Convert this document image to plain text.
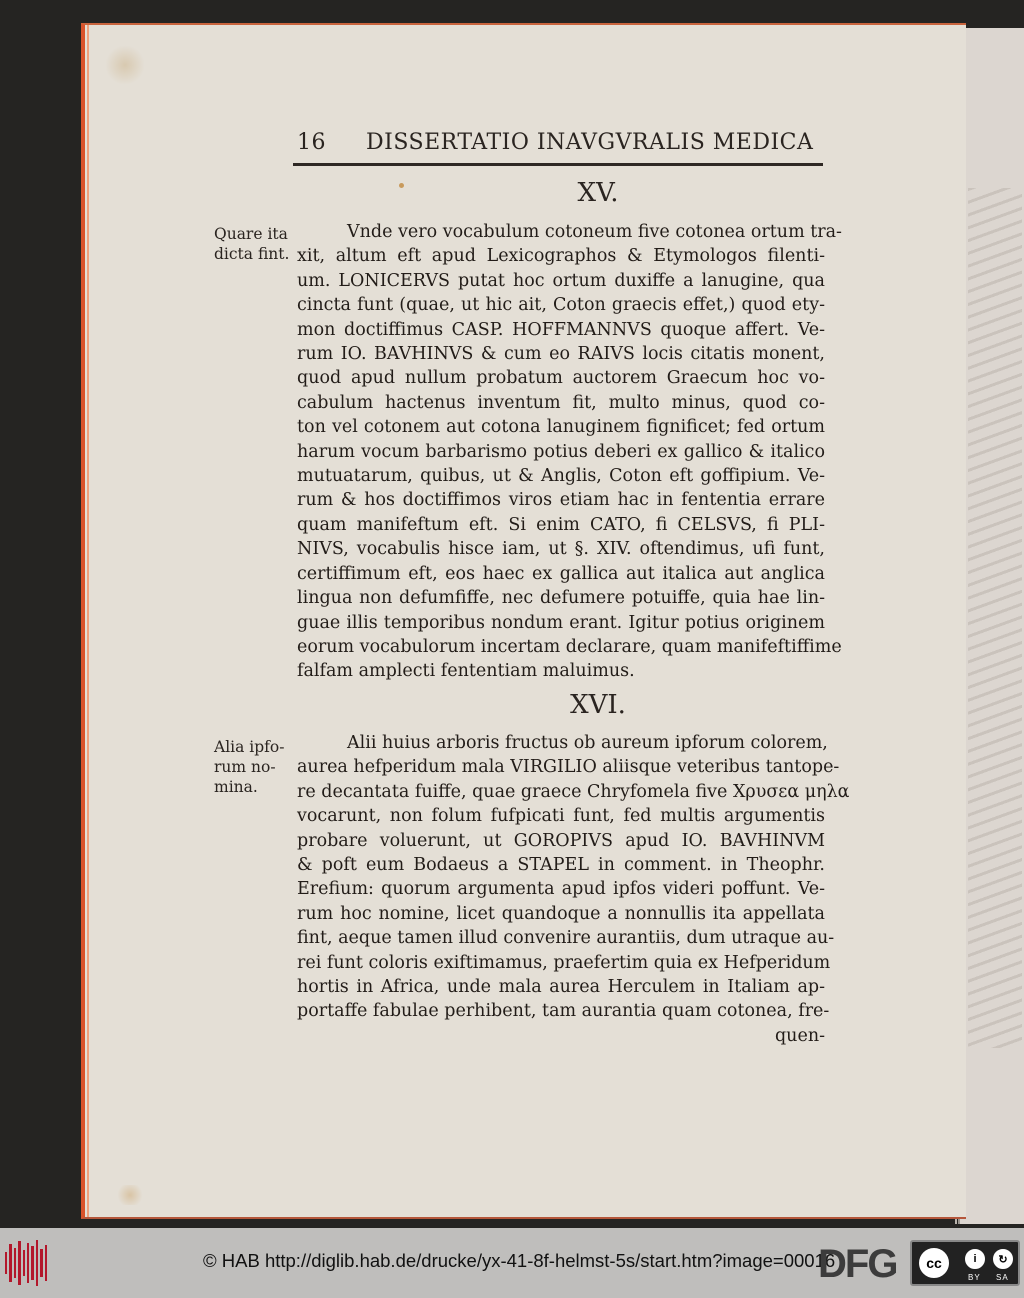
16 DISSERTATIO INAVGVRALIS MEDICA
XV.
Quare ita
dicta fint.
Vnde vero vocabulum cotoneum five cotonea ortum tra-
xit, altum eft apud Lexicographos & Etymologos filenti-
um. LONICERVS putat hoc ortum duxiffe a lanugine, qua
cincta funt (quae, ut hic ait, Coton graecis effet,) quod ety-
mon doctiffimus CASP. HOFFMANNVS quoque affert. Ve-
rum IO. BAVHINVS & cum eo RAIVS locis citatis monent,
quod apud nullum probatum auctorem Graecum hoc vo-
cabulum hactenus inventum fit, multo minus, quod co-
ton vel cotonem aut cotona lanuginem fignificet; fed ortum
harum vocum barbarismo potius deberi ex gallico & italico
mutuatarum, quibus, ut & Anglis, Coton eft goffipium. Ve-
rum & hos doctiffimos viros etiam hac in fententia errare
quam manifeftum eft. Si enim CATO, fi CELSVS, fi PLI-
NIVS, vocabulis hisce iam, ut §. XIV. oftendimus, ufi funt,
certiffimum eft, eos haec ex gallica aut italica aut anglica
lingua non defumfiffe, nec defumere potuiffe, quia hae lin-
guae illis temporibus nondum erant. Igitur potius originem
eorum vocabulorum incertam declarare, quam manifeftiffime
falfam amplecti fententiam maluimus.
XVI.
Alia ipfo-
rum no-
mina.
Alii huius arboris fructus ob aureum ipforum colorem,
aurea hefperidum mala VIRGILIO aliisque veteribus tantope-
re decantata fuiffe, quae graece Chryfomela five Χρυσεα μηλα
vocarunt, non folum fufpicati funt, fed multis argumentis
probare voluerunt, ut GOROPIVS apud IO. BAVHINVM
& poft eum Bodaeus a STAPEL in comment. in Theophr.
Erefium: quorum argumenta apud ipfos videri poffunt. Ve-
rum hoc nomine, licet quandoque a nonnullis ita appellata
fint, aeque tamen illud convenire aurantiis, dum utraque au-
rei funt coloris exiftimamus, praefertim quia ex Hefperidum
hortis in Africa, unde mala aurea Herculem in Italiam ap-
portaffe fabulae perhibent, tam aurantia quam cotonea, fre-
quen-
© HAB http://diglib.hab.de/drucke/yx-41-8f-helmst-5s/start.htm?image=00016
DFG	cc	i	↻
BY SA
